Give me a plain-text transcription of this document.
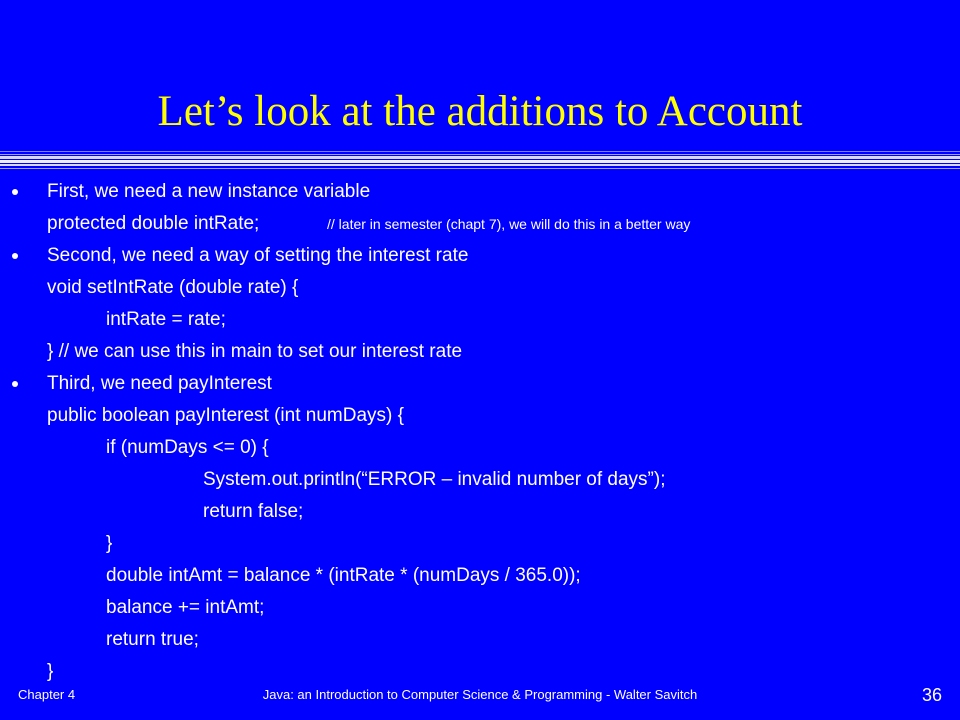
Let’s look at the additions to Account
First, we need a new instance variable
protected double intRate;	// later in semester (chapt 7), we will do this in a better way
Second, we need a way of setting the interest rate
void setIntRate (double rate) {
intRate = rate;
} // we can use this in main to set our interest rate
Third, we need payInterest
public boolean payInterest (int numDays) {
if (numDays <= 0) {
System.out.println(“ERROR – invalid number of days”);
return false;
}
double intAmt = balance * (intRate * (numDays / 365.0));
balance += intAmt;
return true;
}
Chapter 4	Java: an Introduction to Computer Science & Programming - Walter Savitch	36
